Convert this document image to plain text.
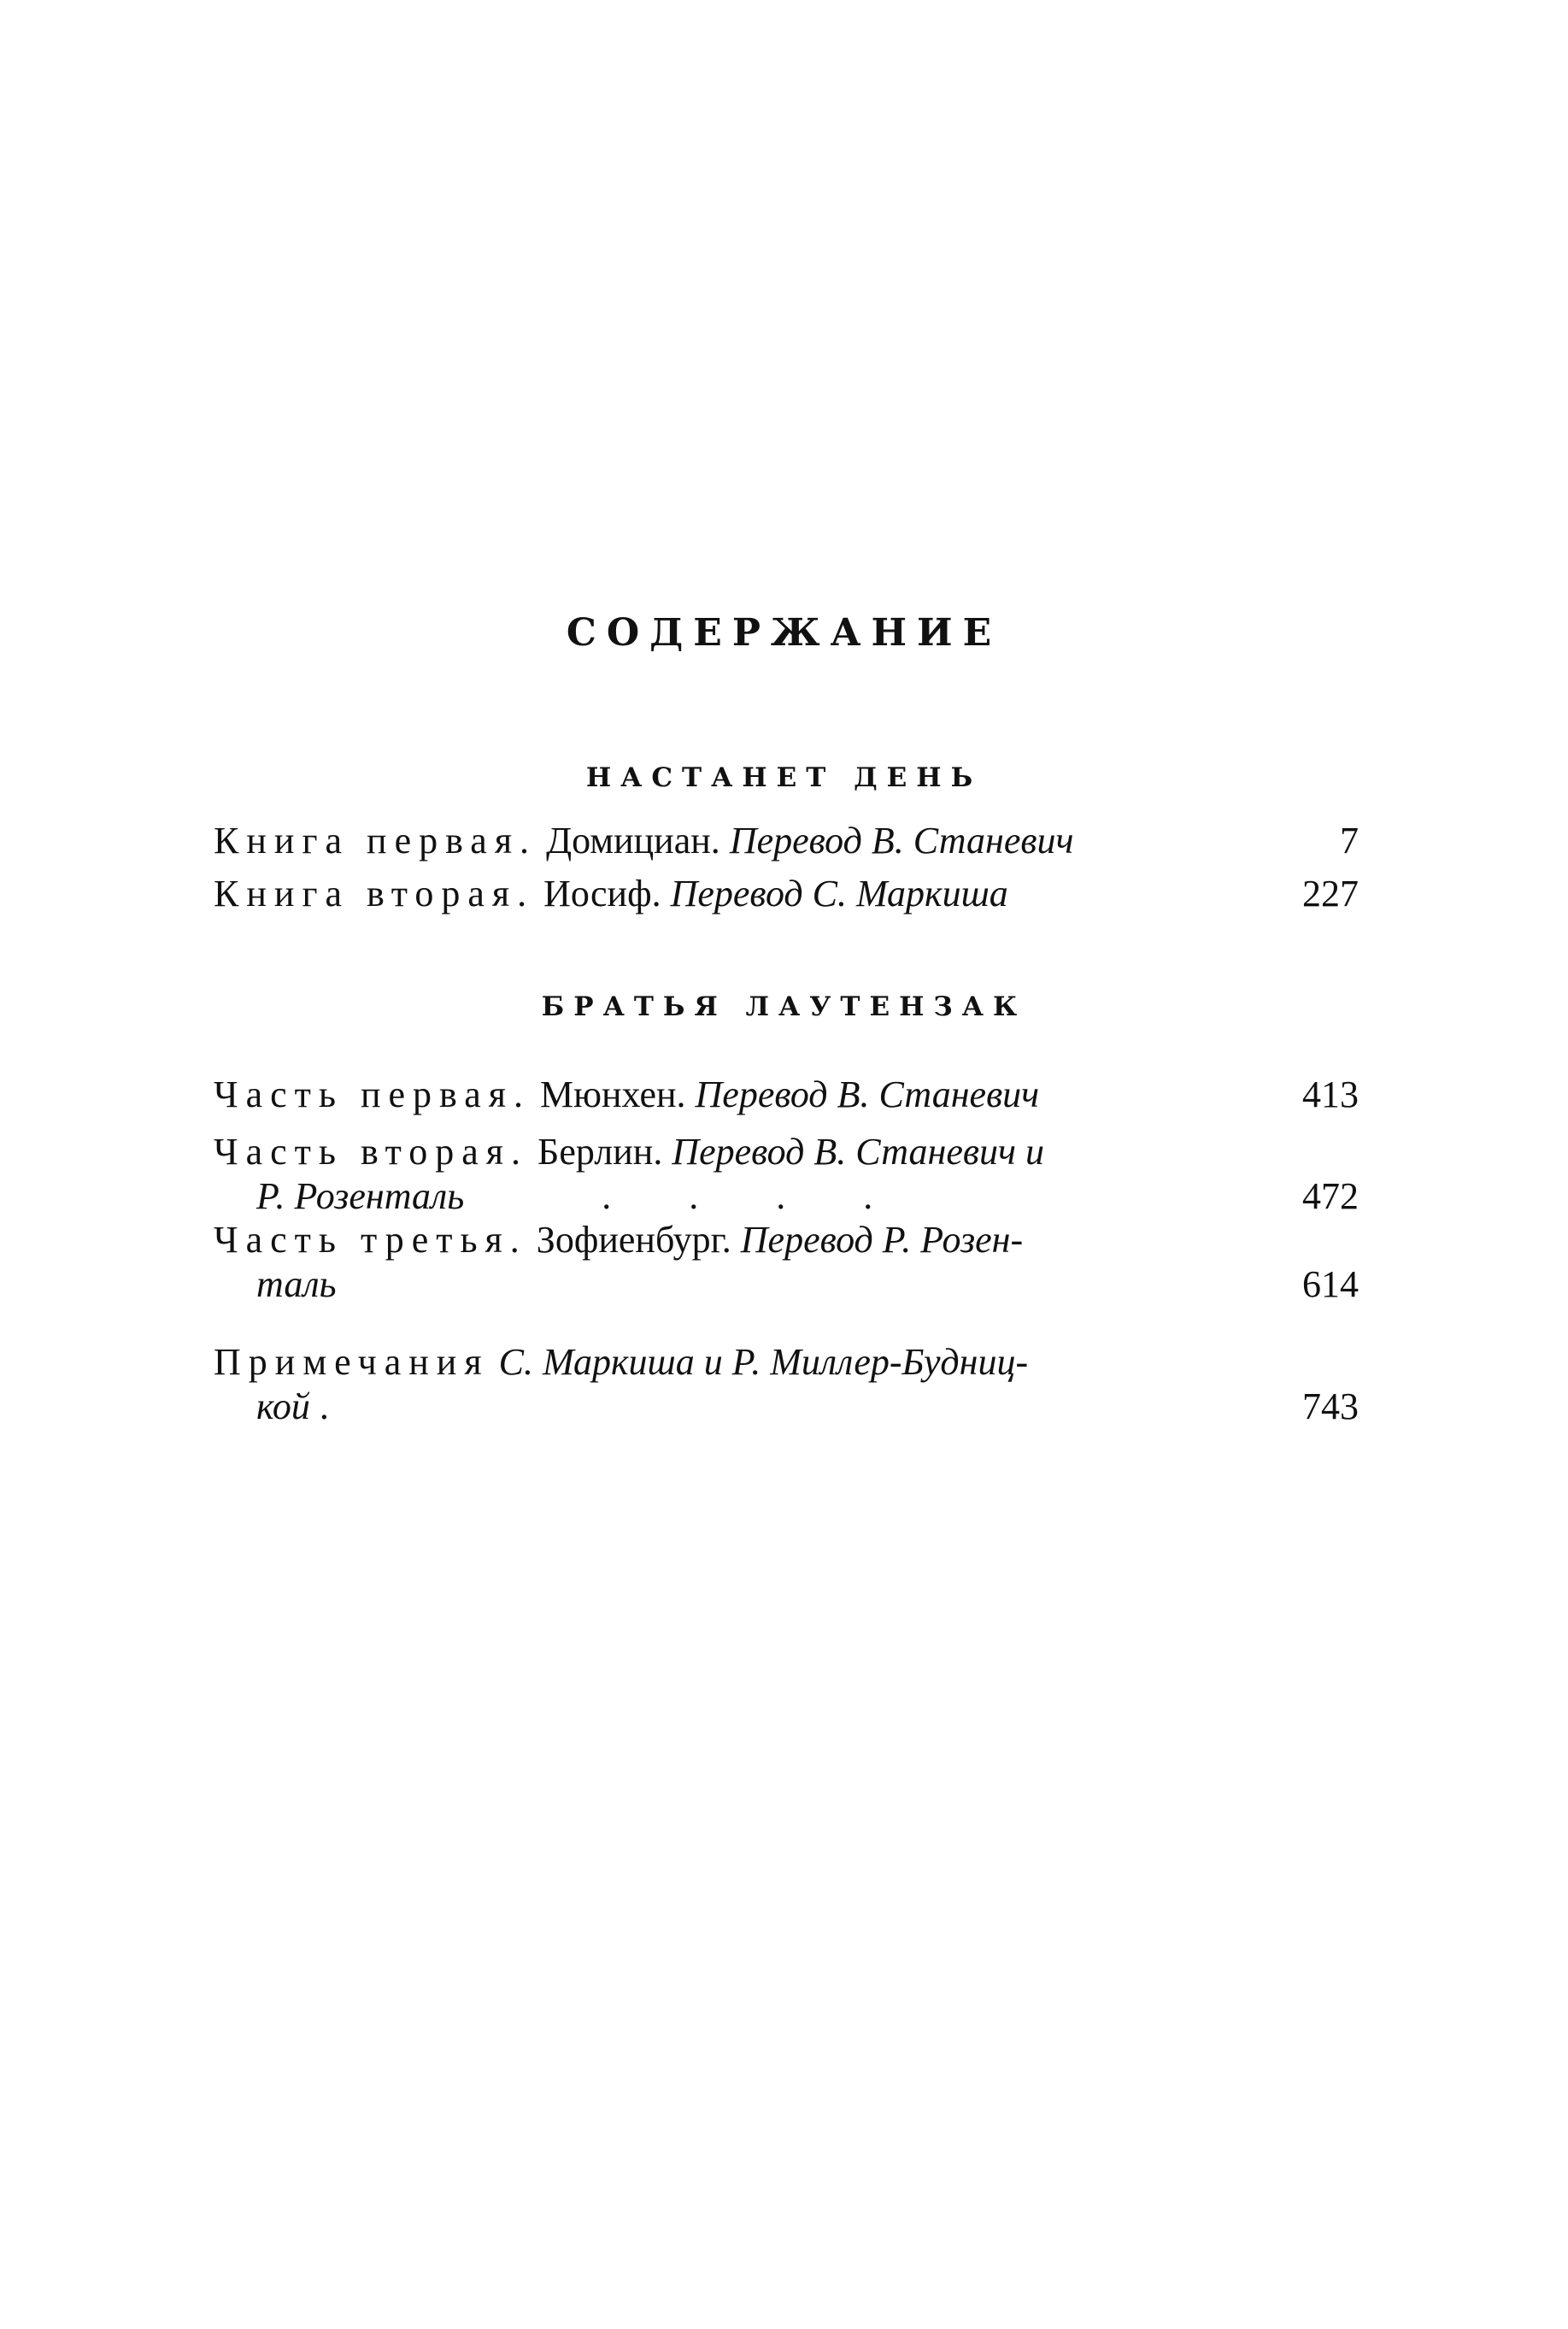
СОДЕРЖАНИЕ
НАСТАНЕТ ДЕНЬ
Книга первая. Домициан. Перевод В. Станевич	7
Книга вторая. Иосиф. Перевод С. Маркиша	227
БРАТЬЯ ЛАУТЕНЗАК
Часть первая. Мюнхен. Перевод В. Станевич	413
Часть вторая. Берлин. Перевод В. Станевич и
Р. Розенталь	. . . .	472
Часть третья. Зофиенбург. Перевод Р. Розен-
таль	614
Примечания С. Маркиша и Р. Миллер-Будниц-
кой .	743
